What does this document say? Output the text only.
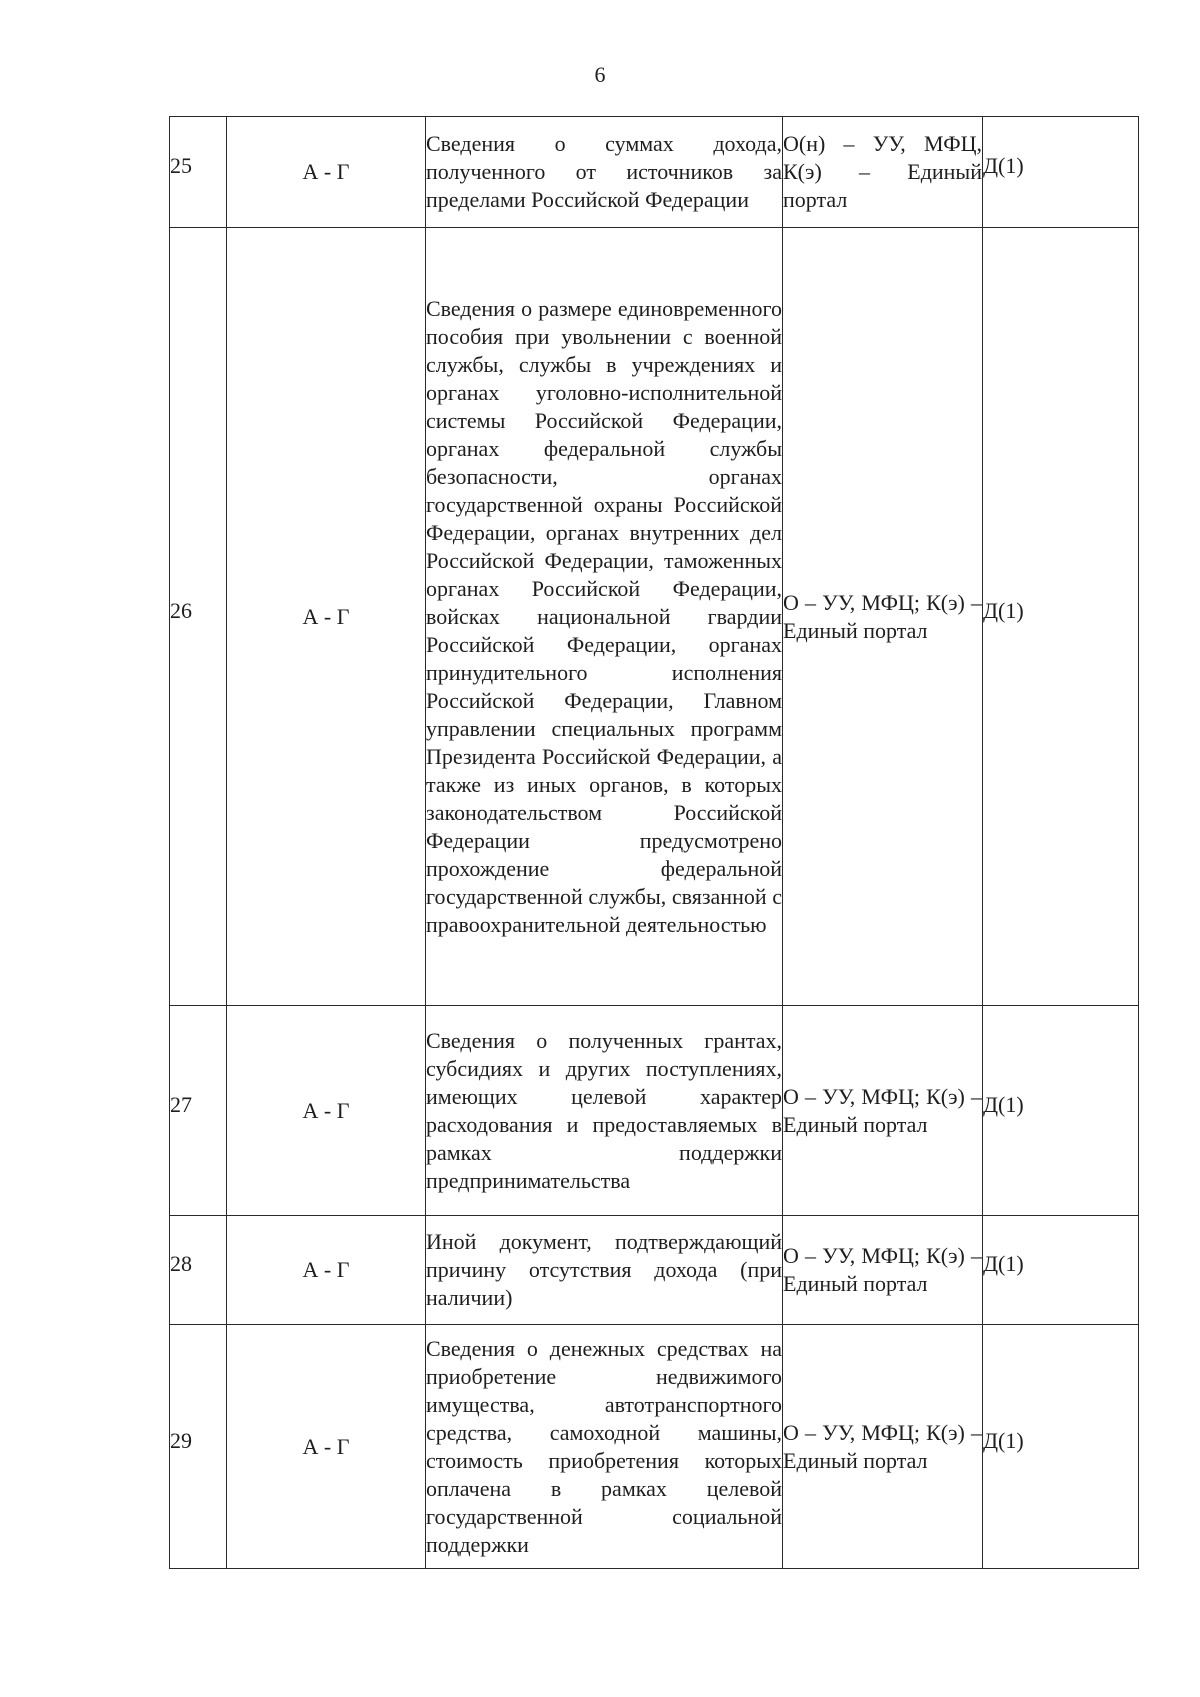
6
25	А - Г	Сведения о суммах дохода, полученного от источников за пределами Российской Федерации	О(н) – УУ, МФЦ, К(э) – Единый портал	Д(1)
26	А - Г	Сведения о размере единовременного пособия при увольнении с военной службы, службы в учреждениях и органах уголовно-исполнительной системы Российской Федерации, органах федеральной службы безопасности, органах государственной охраны Российской Федерации, органах внутренних дел Российской Федерации, таможенных органах Российской Федерации, войсках национальной гвардии Российской Федерации, органах принудительного исполнения Российской Федерации, Главном управлении специальных программ Президента Российской Федерации, а также из иных органов, в которых законодательством Российской Федерации предусмотрено прохождение федеральной государственной службы, связанной с правоохранительной деятельностью	О – УУ, МФЦ; К(э) – Единый портал	Д(1)
27	А - Г	Сведения о полученных грантах, субсидиях и других поступлениях, имеющих целевой характер расходования и предоставляемых в рамках поддержки предпринимательства	О – УУ, МФЦ; К(э) – Единый портал	Д(1)
28	А - Г	Иной документ, подтверждающий причину отсутствия дохода (при наличии)	О – УУ, МФЦ; К(э) – Единый портал	Д(1)
29	А - Г	Сведения о денежных средствах на приобретение недвижимого имущества, автотранспортного средства, самоходной машины, стоимость приобретения которых оплачена в рамках целевой государственной социальной поддержки	О – УУ, МФЦ; К(э) – Единый портал	Д(1)
